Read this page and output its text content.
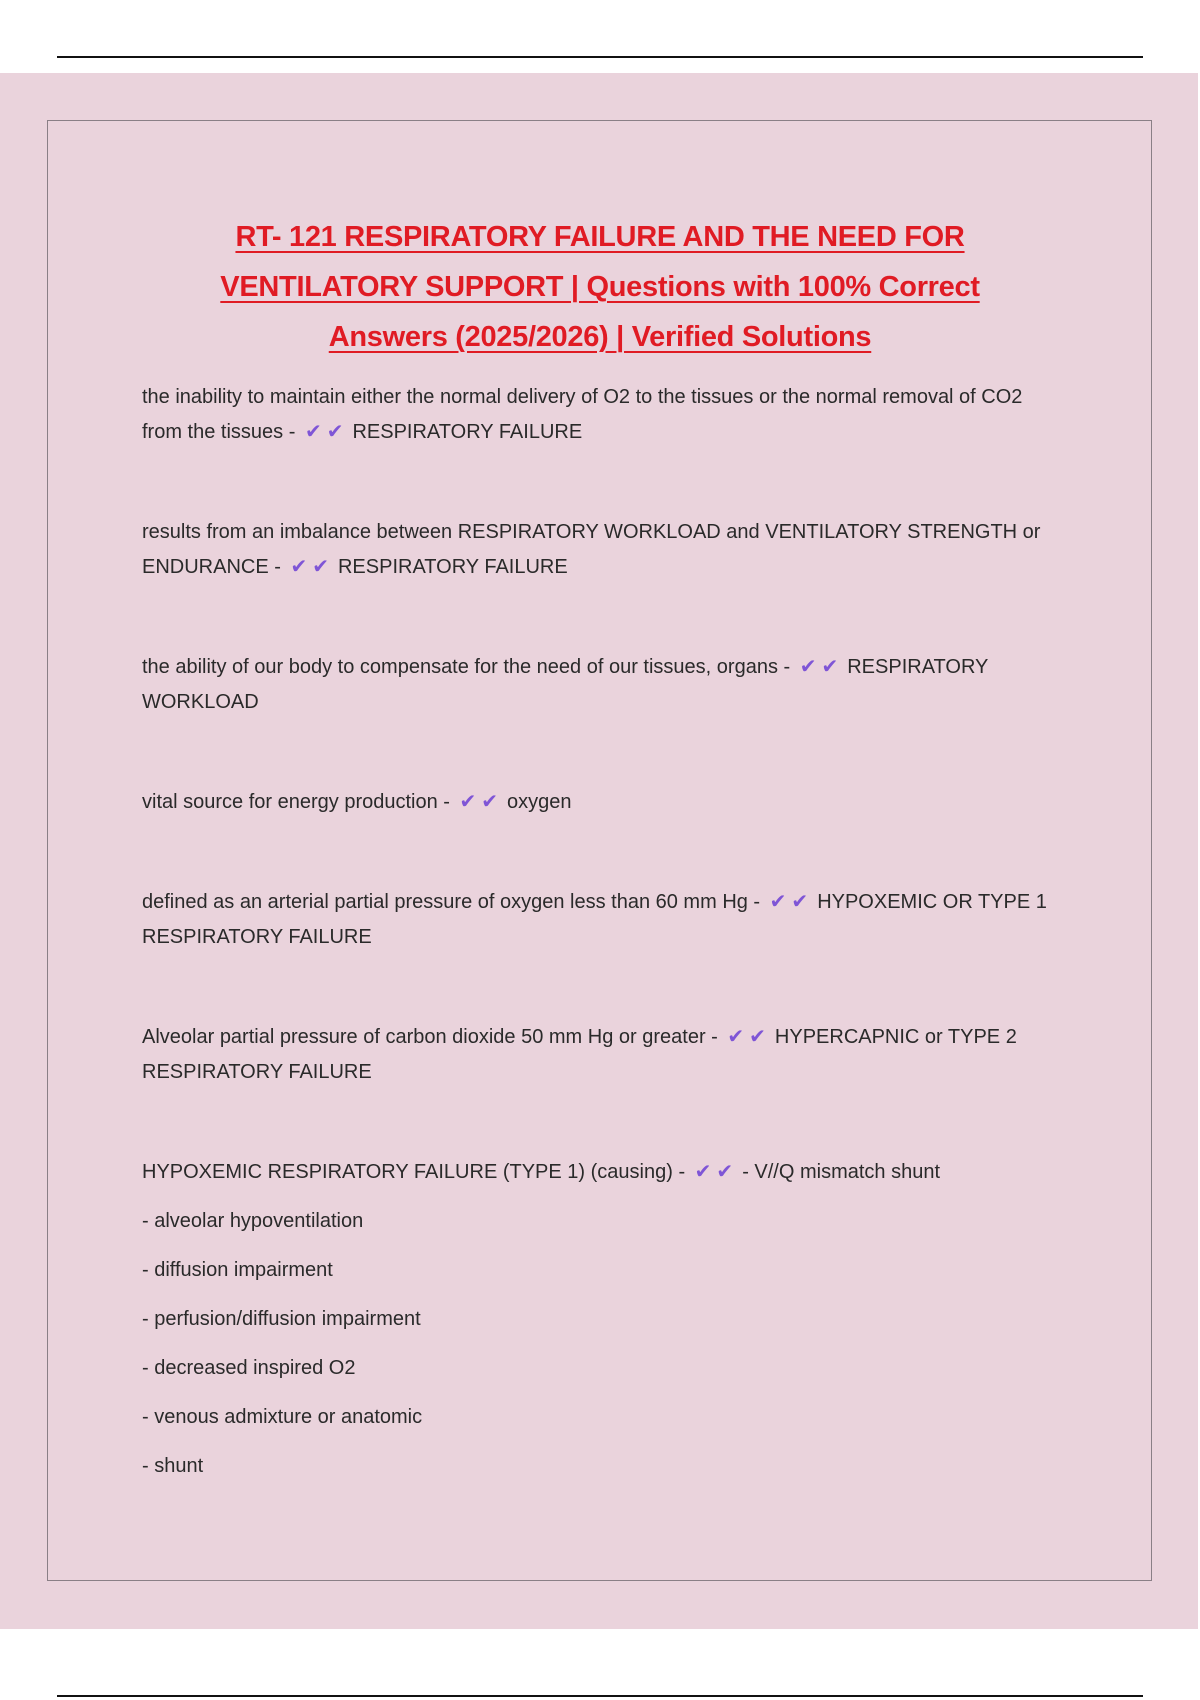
RT- 121 RESPIRATORY FAILURE AND THE NEED FOR
VENTILATORY SUPPORT | Questions with 100% Correct
Answers (2025/2026) | Verified Solutions

the inability to maintain either the normal delivery of O2 to the tissues or the normal removal of CO2 from the tissues - ✔✔ RESPIRATORY FAILURE

results from an imbalance between RESPIRATORY WORKLOAD and VENTILATORY STRENGTH or ENDURANCE - ✔✔ RESPIRATORY FAILURE

the ability of our body to compensate for the need of our tissues, organs - ✔✔ RESPIRATORY WORKLOAD

vital source for energy production - ✔✔ oxygen

defined as an arterial partial pressure of oxygen less than 60 mm Hg - ✔✔ HYPOXEMIC OR TYPE 1 RESPIRATORY FAILURE

Alveolar partial pressure of carbon dioxide 50 mm Hg or greater - ✔✔ HYPERCAPNIC or TYPE 2 RESPIRATORY FAILURE

HYPOXEMIC RESPIRATORY FAILURE (TYPE 1) (causing) - ✔✔ - V//Q mismatch shunt
- alveolar hypoventilation
- diffusion impairment
- perfusion/diffusion impairment
- decreased inspired O2
- venous admixture or anatomic
- shunt
